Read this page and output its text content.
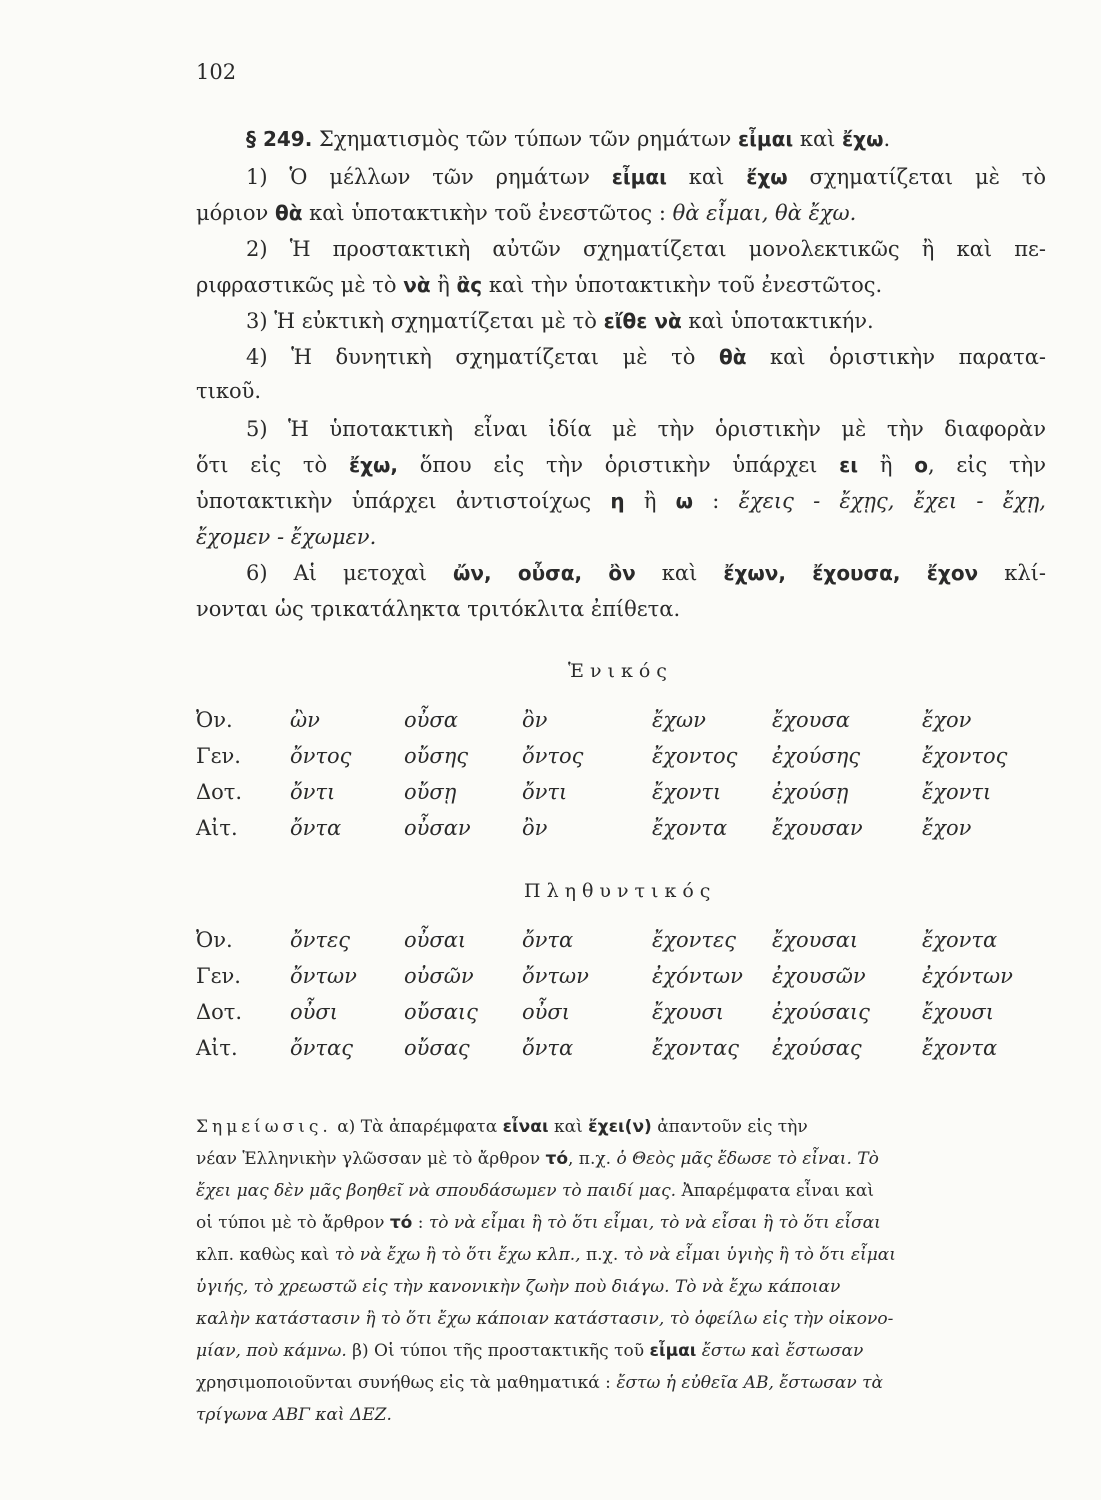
102
§ 249. Σχηματισμὸς τῶν τύπων τῶν ρημάτων εἶμαι καὶ ἔχω.
1) Ὁ μέλλων τῶν ρημάτων εἶμαι καὶ ἔχω σχηματίζεται μὲ τὸ
μόριον θὰ καὶ ὑποτακτικὴν τοῦ ἐνεστῶτος : θὰ εἶμαι, θὰ ἔχω.
2) Ἡ προστακτικὴ αὐτῶν σχηματίζεται μονολεκτικῶς ἢ καὶ πε-
ριφραστικῶς μὲ τὸ νὰ ἢ ἂς καὶ τὴν ὑποτακτικὴν τοῦ ἐνεστῶτος.
3) Ἡ εὐκτικὴ σχηματίζεται μὲ τὸ εἴθε νὰ καὶ ὑποτακτικήν.
4) Ἡ δυνητικὴ σχηματίζεται μὲ τὸ θὰ καὶ ὁριστικὴν παρατα-
τικοῦ.
5) Ἡ ὑποτακτικὴ εἶναι ἰδία μὲ τὴν ὁριστικὴν μὲ τὴν διαφορὰν
ὅτι εἰς τὸ ἔχω, ὅπου εἰς τὴν ὁριστικὴν ὑπάρχει ει ἢ ο, εἰς τὴν
ὑποτακτικὴν ὑπάρχει ἀντιστοίχως η ἢ ω : ἔχεις - ἔχῃς, ἔχει - ἔχῃ,
ἔχομεν - ἔχωμεν.
6) Αἱ μετοχαὶ ὤν, οὖσα, ὂν καὶ ἔχων, ἔχουσα, ἔχον κλί-
νονται ὡς τρικατάληκτα τριτόκλιτα ἐπίθετα.
Ἑνικός
Ὀν.	ὢν	οὖσα	ὂν	ἔχων	ἔχουσα	ἔχον
Γεν. ὄντος	οὔσης	ὄντος	ἔχοντος ἐχούσης	ἔχοντος
Δοτ. ὄντι	οὔσῃ	ὄντι	ἔχοντι ἐχούσῃ	ἔχοντι
Αἰτ. ὄντα	οὖσαν ὂν	ἔχοντα ἔχουσαν	ἔχον
Πληθυντικός
Ὀν.	ὄντες	οὖσαι	ὄντα	ἔχοντες ἔχουσαι	ἔχοντα
Γεν. ὄντων οὐσῶν ὄντων	ἐχόντων ἐχουσῶν	ἐχόντων
Δοτ. οὖσι	οὔσαις οὖσι	ἔχουσι ἐχούσαις ἔχουσι
Αἰτ. ὄντας οὔσας ὄντα	ἔχοντας ἐχούσας	ἔχοντα
Σημείωσις. α) Τὰ ἀπαρέμφατα εἶναι καὶ ἔχει(ν) ἀπαντοῦν εἰς τὴν
νέαν Ἑλληνικὴν γλῶσσαν μὲ τὸ ἄρθρον τό, π.χ. ὁ Θεὸς μᾶς ἔδωσε τὸ εἶναι. Τὸ
ἔχει μας δὲν μᾶς βοηθεῖ νὰ σπουδάσωμεν τὸ παιδί μας. Ἀπαρέμφατα εἶναι καὶ
οἱ τύποι μὲ τὸ ἄρθρον τό : τὸ νὰ εἶμαι ἢ τὸ ὅτι εἶμαι, τὸ νὰ εἶσαι ἢ τὸ ὅτι εἶσαι
κλπ. καθὼς καὶ τὸ νὰ ἔχω ἢ τὸ ὅτι ἔχω κλπ., π.χ. τὸ νὰ εἶμαι ὑγιὴς ἢ τὸ ὅτι εἶμαι
ὑγιής, τὸ χρεωστῶ εἰς τὴν κανονικὴν ζωὴν ποὺ διάγω. Τὸ νὰ ἔχω κάποιαν
καλὴν κατάστασιν ἢ τὸ ὅτι ἔχω κάποιαν κατάστασιν, τὸ ὀφείλω εἰς τὴν οἰκονο-
μίαν, ποὺ κάμνω. β) Οἱ τύποι τῆς προστακτικῆς τοῦ εἶμαι ἔστω καὶ ἔστωσαν
χρησιμοποιοῦνται συνήθως εἰς τὰ μαθηματικά : ἔστω ἡ εὐθεῖα ΑΒ, ἔστωσαν τὰ
τρίγωνα ΑΒΓ καὶ ΔΕΖ.
